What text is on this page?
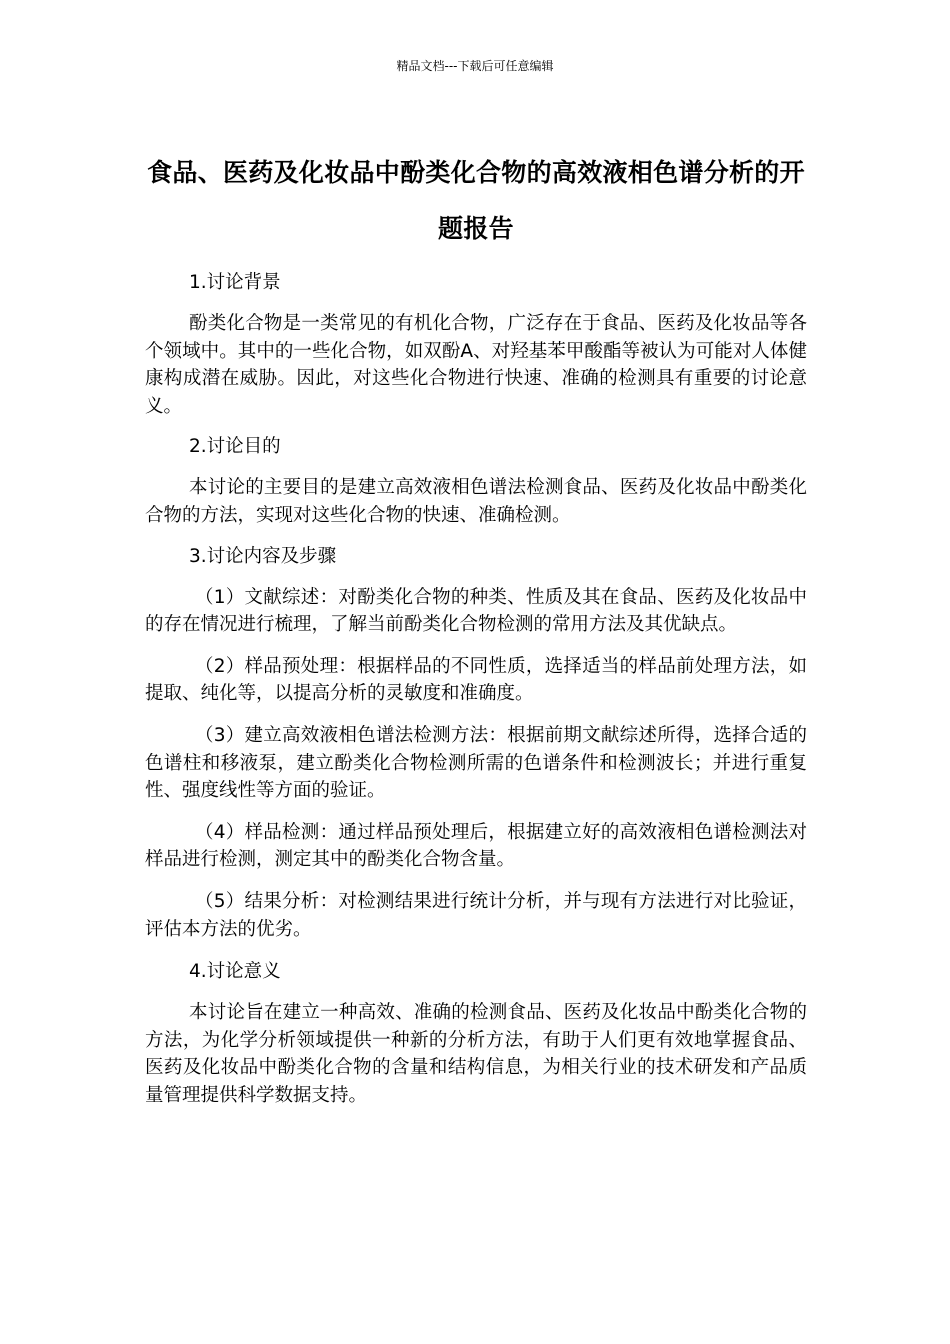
精品文档---下载后可任意编辑
食品、医药及化妆品中酚类化合物的高效液相色谱分析的开题报告

1.讨论背景

酚类化合物是一类常见的有机化合物，广泛存在于食品、医药及化妆品等各个领域中。其中的一些化合物，如双酚A、对羟基苯甲酸酯等被认为可能对人体健康构成潜在威胁。因此，对这些化合物进行快速、准确的检测具有重要的讨论意义。

2.讨论目的

本讨论的主要目的是建立高效液相色谱法检测食品、医药及化妆品中酚类化合物的方法，实现对这些化合物的快速、准确检测。

3.讨论内容及步骤

（1）文献综述：对酚类化合物的种类、性质及其在食品、医药及化妆品中的存在情况进行梳理，了解当前酚类化合物检测的常用方法及其优缺点。

（2）样品预处理：根据样品的不同性质，选择适当的样品前处理方法，如提取、纯化等，以提高分析的灵敏度和准确度。

（3）建立高效液相色谱法检测方法：根据前期文献综述所得，选择合适的色谱柱和移液泵，建立酚类化合物检测所需的色谱条件和检测波长；并进行重复性、强度线性等方面的验证。

（4）样品检测：通过样品预处理后，根据建立好的高效液相色谱检测法对样品进行检测，测定其中的酚类化合物含量。

（5）结果分析：对检测结果进行统计分析，并与现有方法进行对比验证，评估本方法的优劣。

4.讨论意义

本讨论旨在建立一种高效、准确的检测食品、医药及化妆品中酚类化合物的方法，为化学分析领域提供一种新的分析方法，有助于人们更有效地掌握食品、医药及化妆品中酚类化合物的含量和结构信息，为相关行业的技术研发和产品质量管理提供科学数据支持。
